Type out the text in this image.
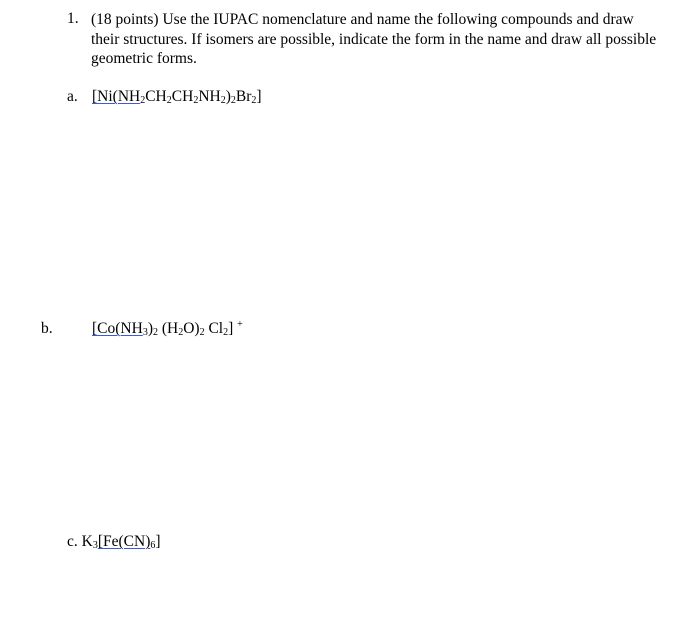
1. (18 points) Use the IUPAC nomenclature and name the following compounds and draw their structures. If isomers are possible, indicate the form in the name and draw all possible geometric forms.
a. $[Ni(NH_2CH_2CH_2NH_2)_2Br_2]$
b.	[$Co(NH_3)_2$ $(H_2O)_2$ $Cl_2$] +
c. $K_3[Fe(CN)_6]$
